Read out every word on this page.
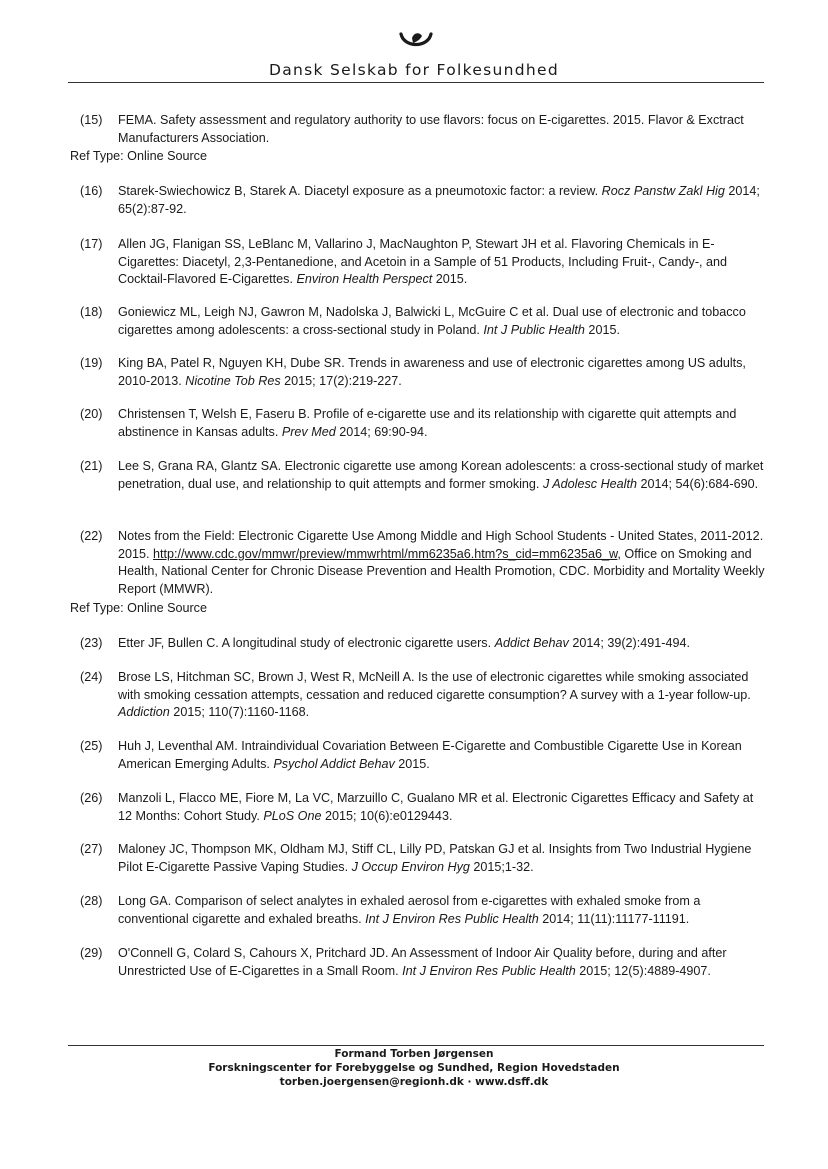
Dansk Selskab for Folkesundhed
(15)	FEMA. Safety assessment and regulatory authority to use flavors: focus on E-cigarettes. 2015. Flavor & Exctract Manufacturers Association.
Ref Type: Online Source
(16)	Starek-Swiechowicz B, Starek A. Diacetyl exposure as a pneumotoxic factor: a review. Rocz Panstw Zakl Hig 2014; 65(2):87-92.
(17)	Allen JG, Flanigan SS, LeBlanc M, Vallarino J, MacNaughton P, Stewart JH et al. Flavoring Chemicals in E-Cigarettes: Diacetyl, 2,3-Pentanedione, and Acetoin in a Sample of 51 Products, Including Fruit-, Candy-, and Cocktail-Flavored E-Cigarettes. Environ Health Perspect 2015.
(18)	Goniewicz ML, Leigh NJ, Gawron M, Nadolska J, Balwicki L, McGuire C et al. Dual use of electronic and tobacco cigarettes among adolescents: a cross-sectional study in Poland. Int J Public Health 2015.
(19)	King BA, Patel R, Nguyen KH, Dube SR. Trends in awareness and use of electronic cigarettes among US adults, 2010-2013. Nicotine Tob Res 2015; 17(2):219-227.
(20)	Christensen T, Welsh E, Faseru B. Profile of e-cigarette use and its relationship with cigarette quit attempts and abstinence in Kansas adults. Prev Med 2014; 69:90-94.
(21)	Lee S, Grana RA, Glantz SA. Electronic cigarette use among Korean adolescents: a cross-sectional study of market penetration, dual use, and relationship to quit attempts and former smoking. J Adolesc Health 2014; 54(6):684-690.
(22)	Notes from the Field: Electronic Cigarette Use Among Middle and High School Students - United States, 2011-2012. 2015. http://www.cdc.gov/mmwr/preview/mmwrhtml/mm6235a6.htm?s_cid=mm6235a6_w, Office on Smoking and Health, National Center for Chronic Disease Prevention and Health Promotion, CDC. Morbidity and Mortality Weekly Report (MMWR).
Ref Type: Online Source
(23)	Etter JF, Bullen C. A longitudinal study of electronic cigarette users. Addict Behav 2014; 39(2):491-494.
(24)	Brose LS, Hitchman SC, Brown J, West R, McNeill A. Is the use of electronic cigarettes while smoking associated with smoking cessation attempts, cessation and reduced cigarette consumption? A survey with a 1-year follow-up. Addiction 2015; 110(7):1160-1168.
(25)	Huh J, Leventhal AM. Intraindividual Covariation Between E-Cigarette and Combustible Cigarette Use in Korean American Emerging Adults. Psychol Addict Behav 2015.
(26)	Manzoli L, Flacco ME, Fiore M, La VC, Marzuillo C, Gualano MR et al. Electronic Cigarettes Efficacy and Safety at 12 Months: Cohort Study. PLoS One 2015; 10(6):e0129443.
(27)	Maloney JC, Thompson MK, Oldham MJ, Stiff CL, Lilly PD, Patskan GJ et al. Insights from Two Industrial Hygiene Pilot E-Cigarette Passive Vaping Studies. J Occup Environ Hyg 2015;1-32.
(28)	Long GA. Comparison of select analytes in exhaled aerosol from e-cigarettes with exhaled smoke from a conventional cigarette and exhaled breaths. Int J Environ Res Public Health 2014; 11(11):11177-11191.
(29)	O'Connell G, Colard S, Cahours X, Pritchard JD. An Assessment of Indoor Air Quality before, during and after Unrestricted Use of E-Cigarettes in a Small Room. Int J Environ Res Public Health 2015; 12(5):4889-4907.
Formand Torben Jørgensen
Forskningscenter for Forebyggelse og Sundhed, Region Hovedstaden
torben.joergensen@regionh.dk · www.dsff.dk
